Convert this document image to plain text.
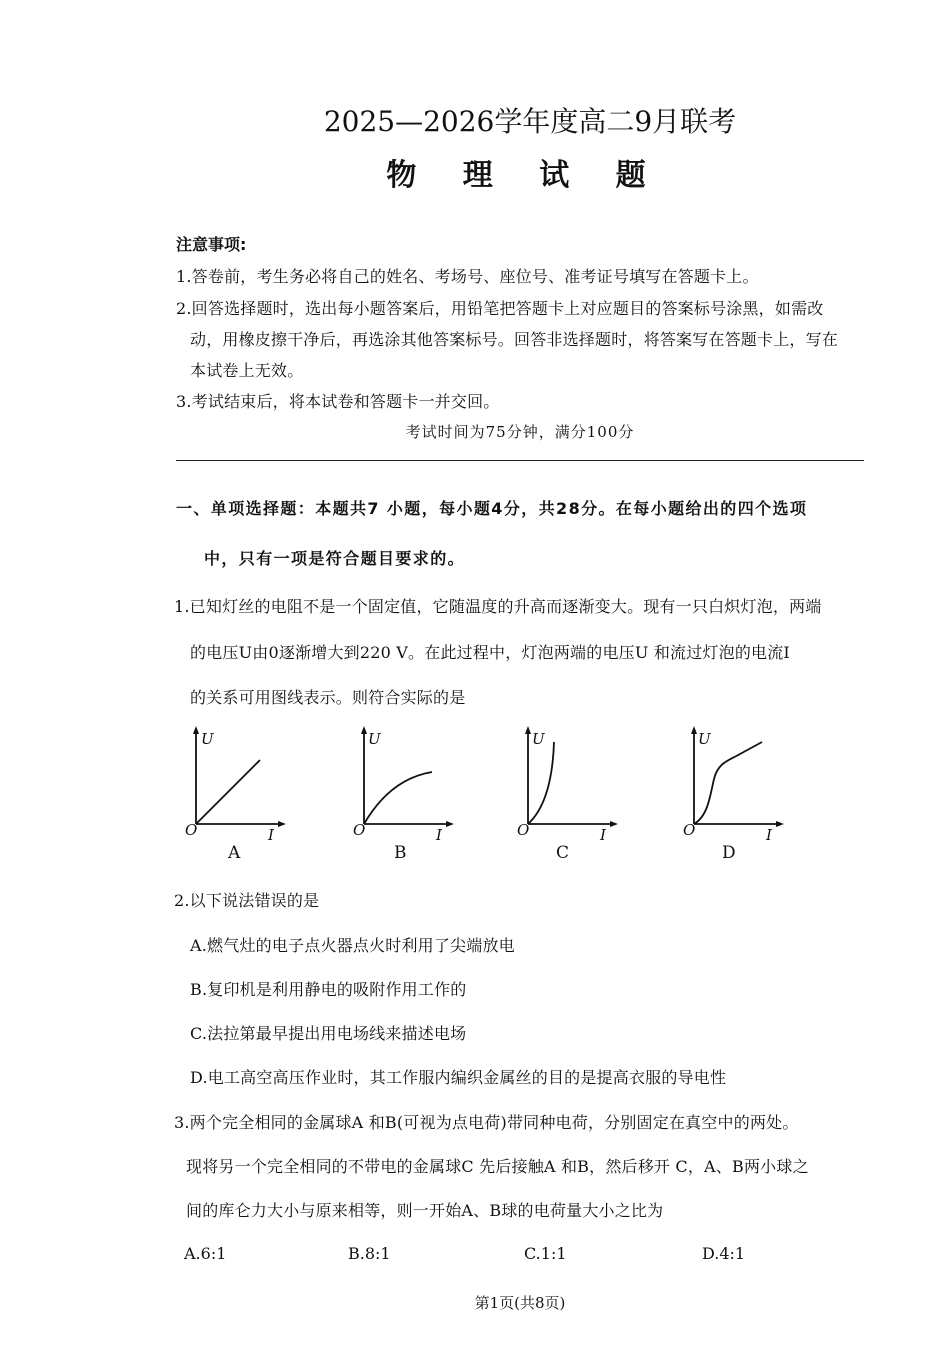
2025—2026学年度高二9月联考
物 理 试 题
注意事项:
1.答卷前，考生务必将自己的姓名、考场号、座位号、准考证号填写在答题卡上。
2.回答选择题时，选出每小题答案后，用铅笔把答题卡上对应题目的答案标号涂黑，如需改
动，用橡皮擦干净后，再选涂其他答案标号。回答非选择题时，将答案写在答题卡上，写在
本试卷上无效。
3.考试结束后，将本试卷和答题卡一并交回。
考试时间为75分钟，满分100分
一、单项选择题：本题共7 小题，每小题4分，共28分。在每小题给出的四个选项
中，只有一项是符合题目要求的。
1.已知灯丝的电阻不是一个固定值，它随温度的升高而逐渐变大。现有一只白炽灯泡，两端
的电压U由0逐渐增大到220 V。在此过程中，灯泡两端的电压U 和流过灯泡的电流I
的关系可用图线表示。则符合实际的是
U
O	I
A
U
O	I
B
U
O	I
C
U
O	I
D
2.以下说法错误的是
A.燃气灶的电子点火器点火时利用了尖端放电
B.复印机是利用静电的吸附作用工作的
C.法拉第最早提出用电场线来描述电场
D.电工高空高压作业时，其工作服内编织金属丝的目的是提高衣服的导电性
3.两个完全相同的金属球A 和B(可视为点电荷)带同种电荷，分别固定在真空中的两处。
现将另一个完全相同的不带电的金属球C 先后接触A 和B，然后移开 C，A、B两小球之
间的库仑力大小与原来相等，则一开始A、B球的电荷量大小之比为
A.6:1	B.8:1	C.1:1	D.4:1
第1页(共8页)
